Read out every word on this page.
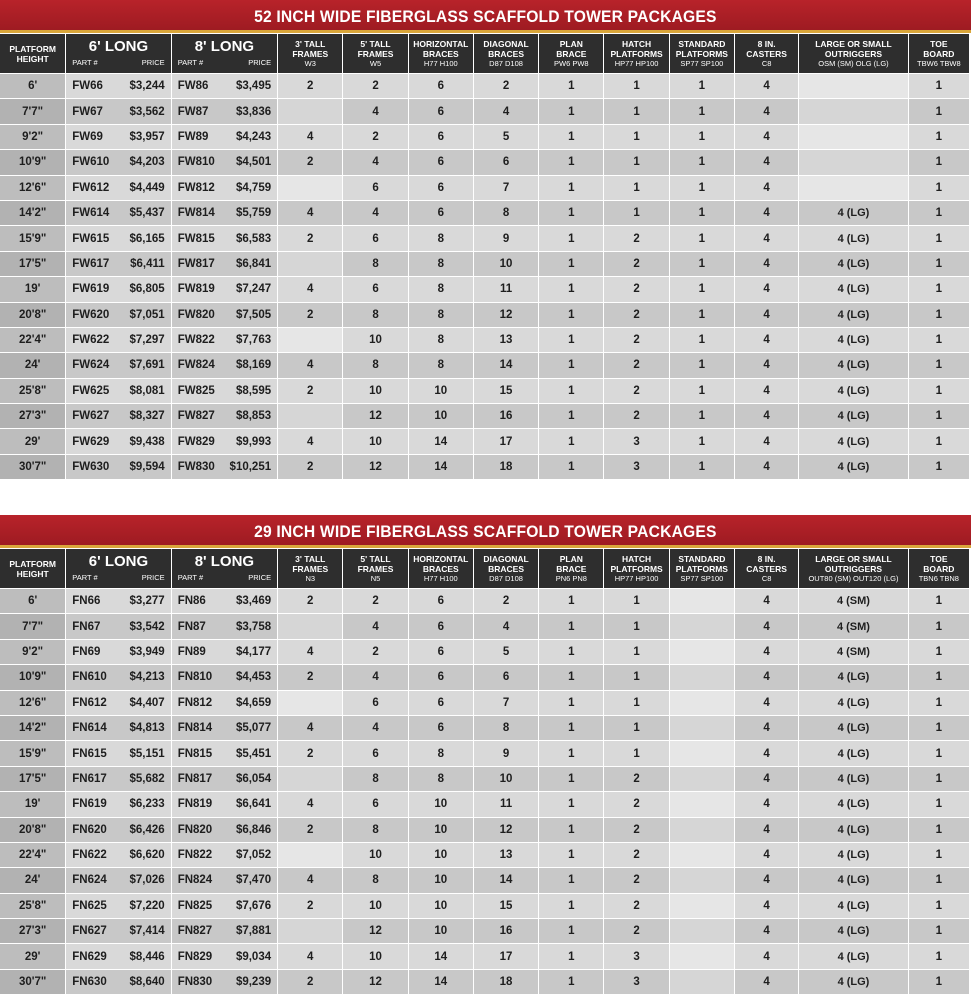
52 INCH WIDE FIBERGLASS SCAFFOLD TOWER PACKAGES
PLATFORM
HEIGHT	6' LONG
PART # PRICE	8' LONG
PART # PRICE	3' TALL
FRAMES
W3	5' TALL
FRAMES
W5	HORIZONTAL
BRACES
H77 H100	DIAGONAL
BRACES
D87 D108	PLAN
BRACE
PW6 PW8	HATCH
PLATFORMS
HP77 HP100	STANDARD
PLATFORMS
SP77 SP100	8 IN.
CASTERS
C8	LARGE OR SMALL
OUTRIGGERS
OSM (SM) OLG (LG)	TOE
BOARD
TBW6 TBW8

6'	FW66 $3,244	FW86 $3,495	2	2	6	2	1	1	1	4		1
7'7"	FW67 $3,562	FW87 $3,836		4	6	4	1	1	1	4		1
9'2"	FW69 $3,957	FW89 $4,243	4	2	6	5	1	1	1	4		1
10'9"	FW610 $4,203	FW810 $4,501	2	4	6	6	1	1	1	4		1
12'6"	FW612 $4,449	FW812 $4,759		6	6	7	1	1	1	4		1
14'2"	FW614 $5,437	FW814 $5,759	4	4	6	8	1	1	1	4	4 (LG)	1
15'9"	FW615 $6,165	FW815 $6,583	2	6	8	9	1	2	1	4	4 (LG)	1
17'5"	FW617 $6,411	FW817 $6,841		8	8	10	1	2	1	4	4 (LG)	1
19'	FW619 $6,805	FW819 $7,247	4	6	8	11	1	2	1	4	4 (LG)	1
20'8"	FW620 $7,051	FW820 $7,505	2	8	8	12	1	2	1	4	4 (LG)	1
22'4"	FW622 $7,297	FW822 $7,763		10	8	13	1	2	1	4	4 (LG)	1
24'	FW624 $7,691	FW824 $8,169	4	8	8	14	1	2	1	4	4 (LG)	1
25'8"	FW625 $8,081	FW825 $8,595	2	10	10	15	1	2	1	4	4 (LG)	1
27'3"	FW627 $8,327	FW827 $8,853		12	10	16	1	2	1	4	4 (LG)	1
29'	FW629 $9,438	FW829 $9,993	4	10	14	17	1	3	1	4	4 (LG)	1
30'7"	FW630 $9,594	FW830 $10,251	2	12	14	18	1	3	1	4	4 (LG)	1
29 INCH WIDE FIBERGLASS SCAFFOLD TOWER PACKAGES
PLATFORM
HEIGHT	6' LONG
PART # PRICE	8' LONG
PART # PRICE	3' TALL
FRAMES
N3	5' TALL
FRAMES
N5	HORIZONTAL
BRACES
H77 H100	DIAGONAL
BRACES
D87 D108	PLAN
BRACE
PN6 PN8	HATCH
PLATFORMS
HP77 HP100	STANDARD
PLATFORMS
SP77 SP100	8 IN.
CASTERS
C8	LARGE OR SMALL
OUTRIGGERS
OUT80 (SM) OUT120 (LG)	TOE
BOARD
TBN6 TBN8

6'	FN66 $3,277	FN86 $3,469	2	2	6	2	1	1		4	4 (SM)	1
7'7"	FN67 $3,542	FN87 $3,758		4	6	4	1	1		4	4 (SM)	1
9'2"	FN69 $3,949	FN89 $4,177	4	2	6	5	1	1		4	4 (SM)	1
10'9"	FN610 $4,213	FN810 $4,453	2	4	6	6	1	1		4	4 (LG)	1
12'6"	FN612 $4,407	FN812 $4,659		6	6	7	1	1		4	4 (LG)	1
14'2"	FN614 $4,813	FN814 $5,077	4	4	6	8	1	1		4	4 (LG)	1
15'9"	FN615 $5,151	FN815 $5,451	2	6	8	9	1	1		4	4 (LG)	1
17'5"	FN617 $5,682	FN817 $6,054		8	8	10	1	2		4	4 (LG)	1
19'	FN619 $6,233	FN819 $6,641	4	6	10	11	1	2		4	4 (LG)	1
20'8"	FN620 $6,426	FN820 $6,846	2	8	10	12	1	2		4	4 (LG)	1
22'4"	FN622 $6,620	FN822 $7,052		10	10	13	1	2		4	4 (LG)	1
24'	FN624 $7,026	FN824 $7,470	4	8	10	14	1	2		4	4 (LG)	1
25'8"	FN625 $7,220	FN825 $7,676	2	10	10	15	1	2		4	4 (LG)	1
27'3"	FN627 $7,414	FN827 $7,881		12	10	16	1	2		4	4 (LG)	1
29'	FN629 $8,446	FN829 $9,034	4	10	14	17	1	3		4	4 (LG)	1
30'7"	FN630 $8,640	FN830 $9,239	2	12	14	18	1	3		4	4 (LG)	1
